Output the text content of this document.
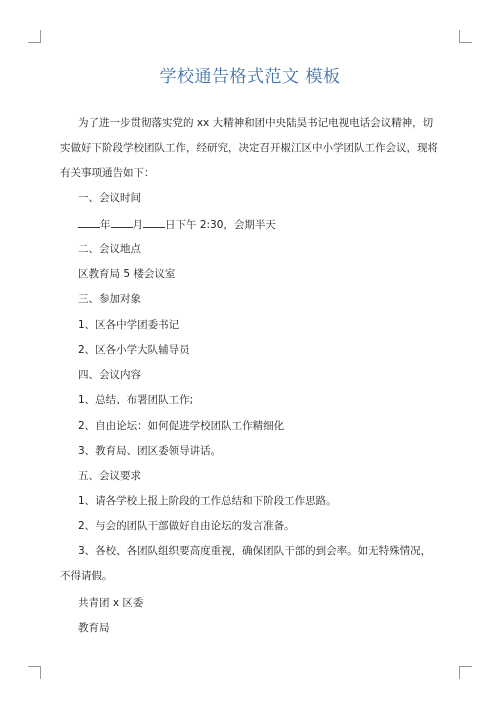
学校通告格式范文 模板
为了进一步贯彻落实党的 xx 大精神和团中央陆昊书记电视电话会议精神，切实做好下阶段学校团队工作，经研究，决定召开椒江区中小学团队工作会议，现将有关事项通告如下：
一、会议时间
年 月 日下午 2:30，会期半天
二、会议地点
区教育局 5 楼会议室
三、参加对象
1、区各中学团委书记
2、区各小学大队辅导员
四、会议内容
1、总结、布署团队工作;
2、自由论坛：如何促进学校团队工作精细化
3、教育局、团区委领导讲话。
五、会议要求
1、请各学校上报上阶段的工作总结和下阶段工作思路。
2、与会的团队干部做好自由论坛的发言准备。
3、各校、各团队组织要高度重视，确保团队干部的到会率。如无特殊情况，不得请假。
共青团 x 区委
教育局
